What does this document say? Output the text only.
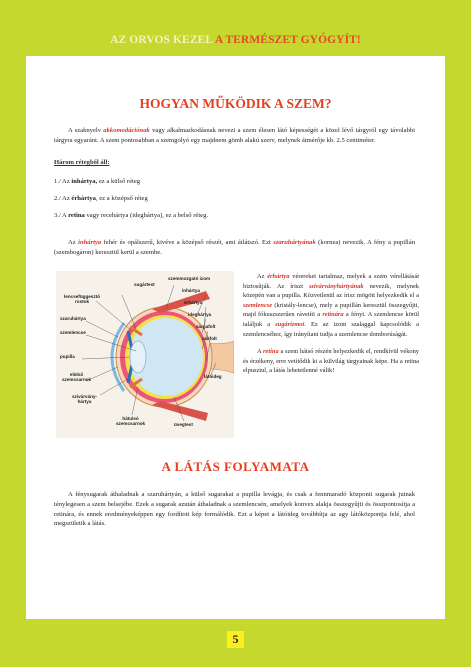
AZ ORVOS KEZEL A TERMÉSZET GYÓGYÍT!
HOGYAN MŰKÖDIK A SZEM?

A szaknyelv akkomodációnak vagy alkalmazkodásnak nevezi a szem élesen látó képességét a közel lévő tárgyról egy távolabbi tárgyra egyaránt. A szem pontosabban a szemgolyó egy majdnem gömb alakú szerv, melynek átmérője kb. 2.5 centiméter.

Három rétegből áll:
1./ Az inhártya, ez a külső réteg
2./ Az érhártya, ez a középső réteg
3./ A retina vagy recehártya (ideghártya), ez a belső réteg.

Az inhártya fehér és opálszerű, kivéve a középső részét, ami átlátszó. Ezt szaruhártyának (kornea) nevezik. A fény a pupillán (szembogáron) keresztül kerül a szembe.

sugártest
szemmozgató izom
ínhártya
lencsefüggesztő
rostok	érhártya
szaruhártya
ideghártya
sárgafolt
szemlencse
vakfolt
pupilla
látóideg
elülső
szemcsarnok
szivárvány-
hártya
hátulsó
szemcsarnok	üvegtest

Az érhártya vérereket tartalmaz, melyek a szem vérellátását biztosítják. Az íriszt szivárványhártyának nevezik, melynek közepén van a pupilla. Közvetlenül az írisz mögött helyezkedik el a szemlencse (kristály-lencse), mely a pupillán keresztül összegyűjti, majd fókuszszerűen rávetíti a retinára a fényt. A szemlencse körül találjuk a sugárizmot. Ez az izom szalaggal kapcsolódik a szemlencséhez, így irányítani tudja a szemlencse domborúságát.

A retina a szem hátsó részén helyezkedik el, rendkívül vékony és érzékeny, erre vetítődik ki a külvilág tárgyainak képe. Ha a retina elpusztul, a látás lehetetlenné válik!

A LÁTÁS FOLYAMATA

A fénysugarak áthaladnak a szaruhártyán, a külső sugarakat a pupilla levágja, és csak a fennmaradó központi sugarak jutnak ténylegesen a szem belsejébe. Ezek a sugarak azután áthaladnak a szemlencsén, amelyek konvex alakja összegyűjti és összpontosítja a retinára, és ennek eredményeképpen egy fordított kép formálódik. Ezt a képet a látóideg továbbítja az agy látóközpontja felé, ahol megszületik a látás.

5
